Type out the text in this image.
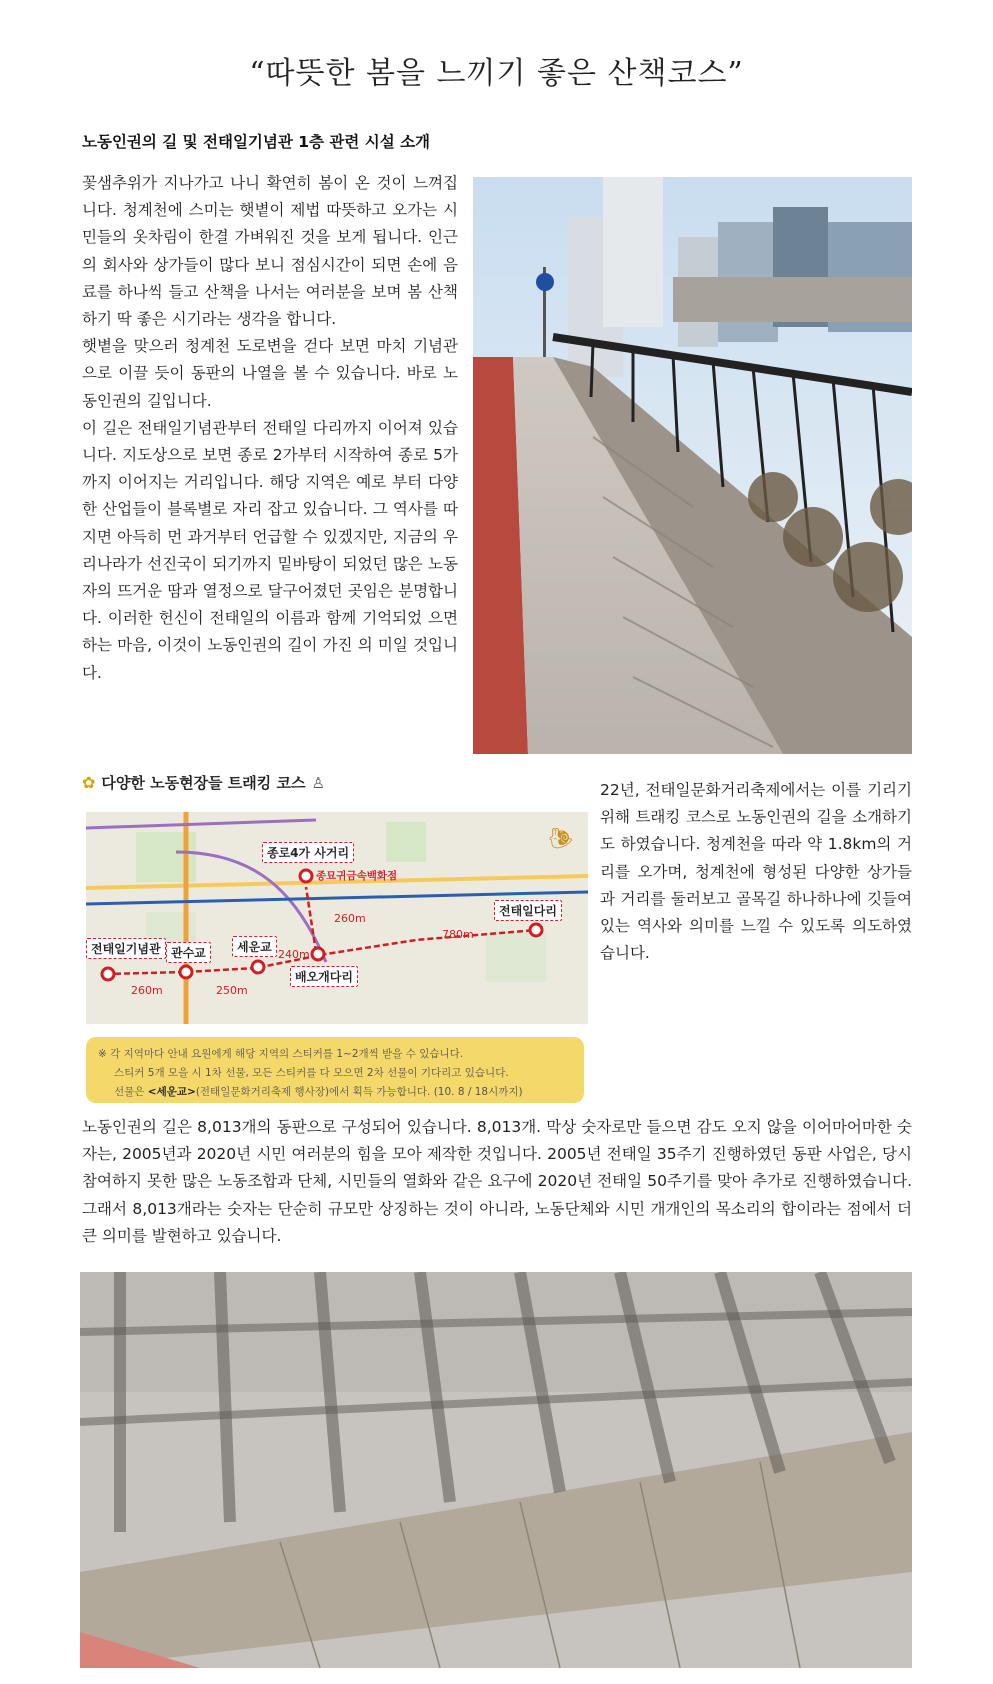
“따뜻한 봄을 느끼기 좋은 산책코스”
노동인권의 길 및 전태일기념관 1층 관련 시설 소개
꽃샘추위가 지나가고 나니 확연히 봄이 온 것이 느껴집니다. 청계천에 스미는 햇볕이 제법 따뜻하고 오가는 시민들의 옷차림이 한결 가벼워진 것을 보게 됩니다. 인근의 회사와 상가들이 많다 보니 점심시간이 되면 손에 음료를 하나씩 들고 산책을 나서는 여러분을 보며 봄 산책하기 딱 좋은 시기라는 생각을 합니다.
햇볕을 맞으러 청계천 도로변을 걷다 보면 마치 기념관으로 이끌 듯이 동판의 나열을 볼 수 있습니다. 바로 노동인권의 길입니다.
이 길은 전태일기념관부터 전태일 다리까지 이어져 있습니다. 지도상으로 보면 종로 2가부터 시작하여 종로 5가까지 이어지는 거리입니다. 해당 지역은 예로 부터 다양한 산업들이 블록별로 자리 잡고 있습니다. 그 역사를 따지면 아득히 먼 과거부터 언급할 수 있겠지만, 지금의 우리나라가 선진국이 되기까지 밑바탕이 되었던 많은 노동자의 뜨거운 땀과 열정으로 달구어졌던 곳임은 분명합니다. 이러한 헌신이 전태일의 이름과 함께 기억되었 으면 하는 마음, 이것이 노동인권의 길이 가진 의 미일 것입니다.
✿ 다양한 노동현장들 트래킹 코스 ♙
종로4가 사거리
종묘귀금속백화점
전태일기념관 관수교	세운교
배오개다리
전태일다리
260m	250m
240m
260m
780m
🐌︎
※ 각 지역마다 안내 요원에게 해당 지역의 스티커를 1~2개씩 받을 수 있습니다.
스티커 5개 모을 시 1차 선물, 모든 스티커를 다 모으면 2차 선물이 기다리고 있습니다.
선물은 <세운교>(전태일문화거리축제 행사장)에서 획득 가능합니다. (10. 8 / 18시까지)
22년, 전태일문화거리축제에서는 이를 기리기 위해 트래킹 코스로 노동인권의 길을 소개하기도 하였습니다. 청계천을 따라 약 1.8km의 거리를 오가며, 청계천에 형성된 다양한 상가들과 거리를 둘러보고 골목길 하나하나에 깃들여 있는 역사와 의미를 느낄 수 있도록 의도하였습니다.
노동인권의 길은 8,013개의 동판으로 구성되어 있습니다. 8,013개. 막상 숫자로만 들으면 감도 오지 않을 이어마어마한 숫자는, 2005년과 2020년 시민 여러분의 힘을 모아 제작한 것입니다. 2005년 전태일 35주기 진행하였던 동판 사업은, 당시 참여하지 못한 많은 노동조합과 단체, 시민들의 열화와 같은 요구에 2020년 전태일 50주기를 맞아 추가로 진행하였습니다. 그래서 8,013개라는 숫자는 단순히 규모만 상징하는 것이 아니라, 노동단체와 시민 개개인의 목소리의 합이라는 점에서 더 큰 의미를 발현하고 있습니다.
